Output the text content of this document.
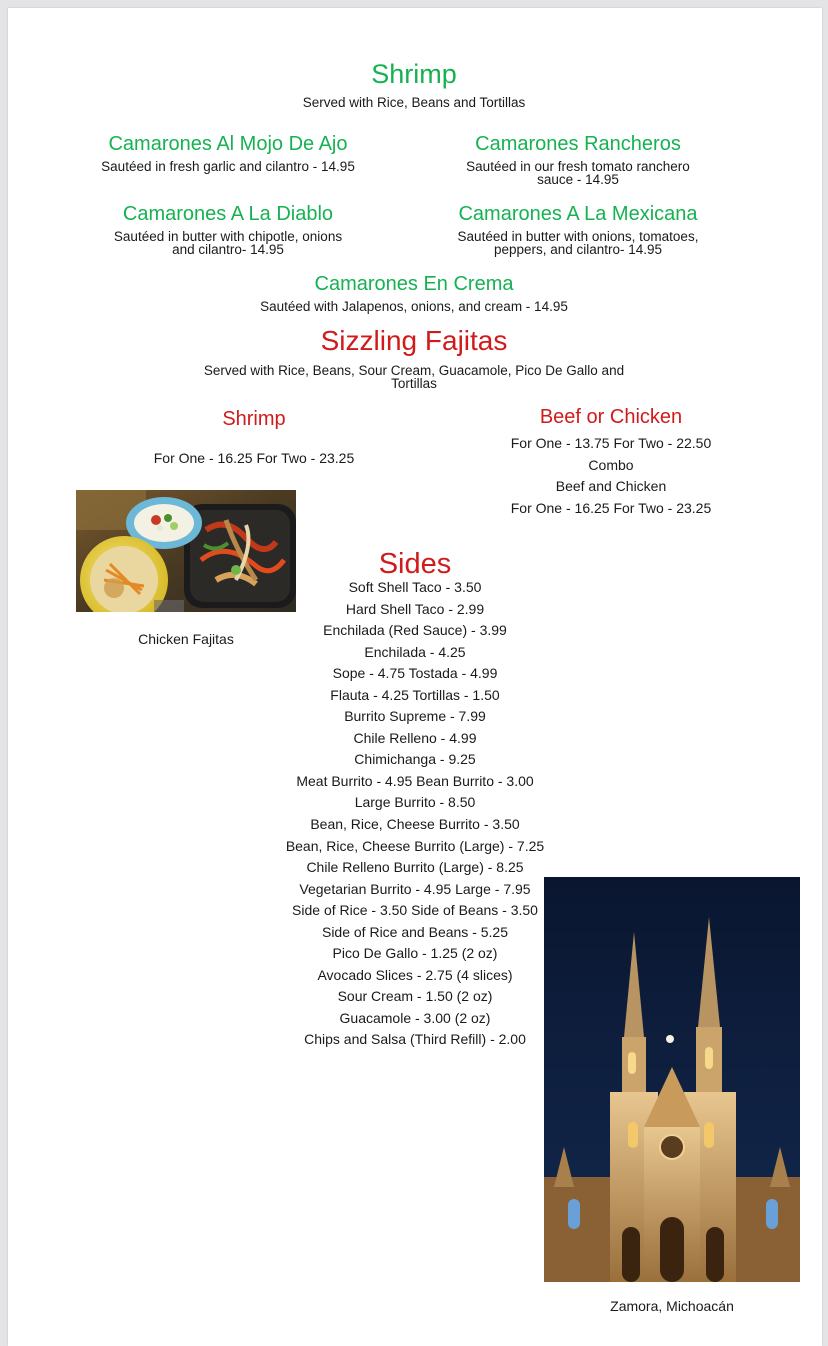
Shrimp
Served with Rice, Beans and Tortillas
Camarones Al Mojo De Ajo
Sautéed in fresh garlic and cilantro - 14.95
Camarones Rancheros
Sautéed in our fresh tomato ranchero
sauce - 14.95
Camarones A La Diablo
Sautéed in butter with chipotle, onions
and cilantro- 14.95
Camarones A La Mexicana
Sautéed in butter with onions, tomatoes,
peppers, and cilantro- 14.95
Camarones En Crema
Sautéed with Jalapenos, onions, and cream - 14.95
Sizzling Fajitas
Served with Rice, Beans, Sour Cream, Guacamole, Pico De Gallo and
Tortillas
Shrimp
For One - 16.25 For Two - 23.25
Beef or Chicken
For One - 13.75 For Two - 22.50
Combo
Beef and Chicken
For One - 16.25 For Two - 23.25
Chicken Fajitas
Sides
Soft Shell Taco - 3.50
Hard Shell Taco - 2.99
Enchilada (Red Sauce) - 3.99
Enchilada - 4.25
Sope - 4.75 Tostada - 4.99
Flauta - 4.25 Tortillas - 1.50
Burrito Supreme - 7.99
Chile Relleno - 4.99
Chimichanga - 9.25
Meat Burrito - 4.95 Bean Burrito - 3.00
Large Burrito - 8.50
Bean, Rice, Cheese Burrito - 3.50
Bean, Rice, Cheese Burrito (Large) - 7.25
Chile Relleno Burrito (Large) - 8.25
Vegetarian Burrito - 4.95 Large - 7.95
Side of Rice - 3.50 Side of Beans - 3.50
Side of Rice and Beans - 5.25
Pico De Gallo - 1.25 (2 oz)
Avocado Slices - 2.75 (4 slices)
Sour Cream - 1.50 (2 oz)
Guacamole - 3.00 (2 oz)
Chips and Salsa (Third Refill) - 2.00
Zamora, Michoacán
